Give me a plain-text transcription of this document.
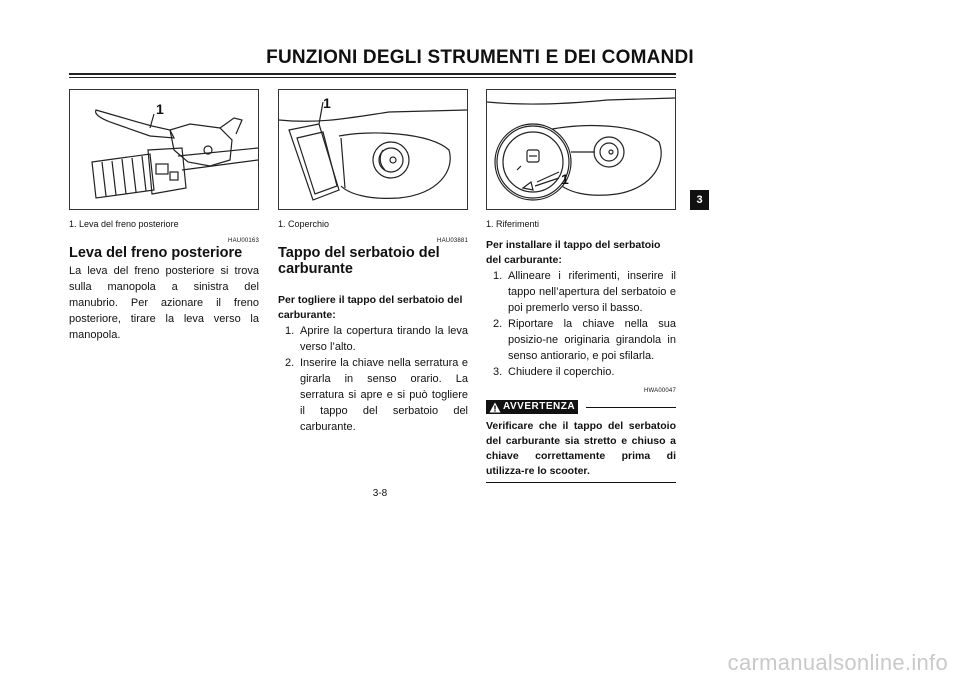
FUNZIONI DEGLI STRUMENTI E DEI COMANDI
1
1. Leva del freno posteriore
HAU00163
Leva del freno posteriore

La leva del freno posteriore si trova sulla manopola a sinistra del manubrio. Per azionare il freno posteriore, tirare la leva verso la manopola.

1
1. Coperchio
HAU03881
Tappo del serbatoio del carburante

Per togliere il tappo del serbatoio del carburante:

1. Aprire la copertura tirando la leva verso l’alto.
2. Inserire la chiave nella serratura e girarla in senso orario. La serratura si apre e si può togliere il tappo del serbatoio del carburante.
1
1. Riferimenti

Per installare il tappo del serbatoio del carburante:

1. Allineare i riferimenti, inserire il tappo nell’apertura del serbatoio e poi premerlo verso il basso.
2. Riportare la chiave nella sua posizio-ne originaria girandola in senso antiorario, e poi sfilarla.
3. Chiudere il coperchio.
HWA00047
AVVERTENZA
Verificare che il tappo del serbatoio del carburante sia stretto e chiuso a chiave correttamente prima di utilizza-re lo scooter.
3
3-8
carmanualsonline.info
